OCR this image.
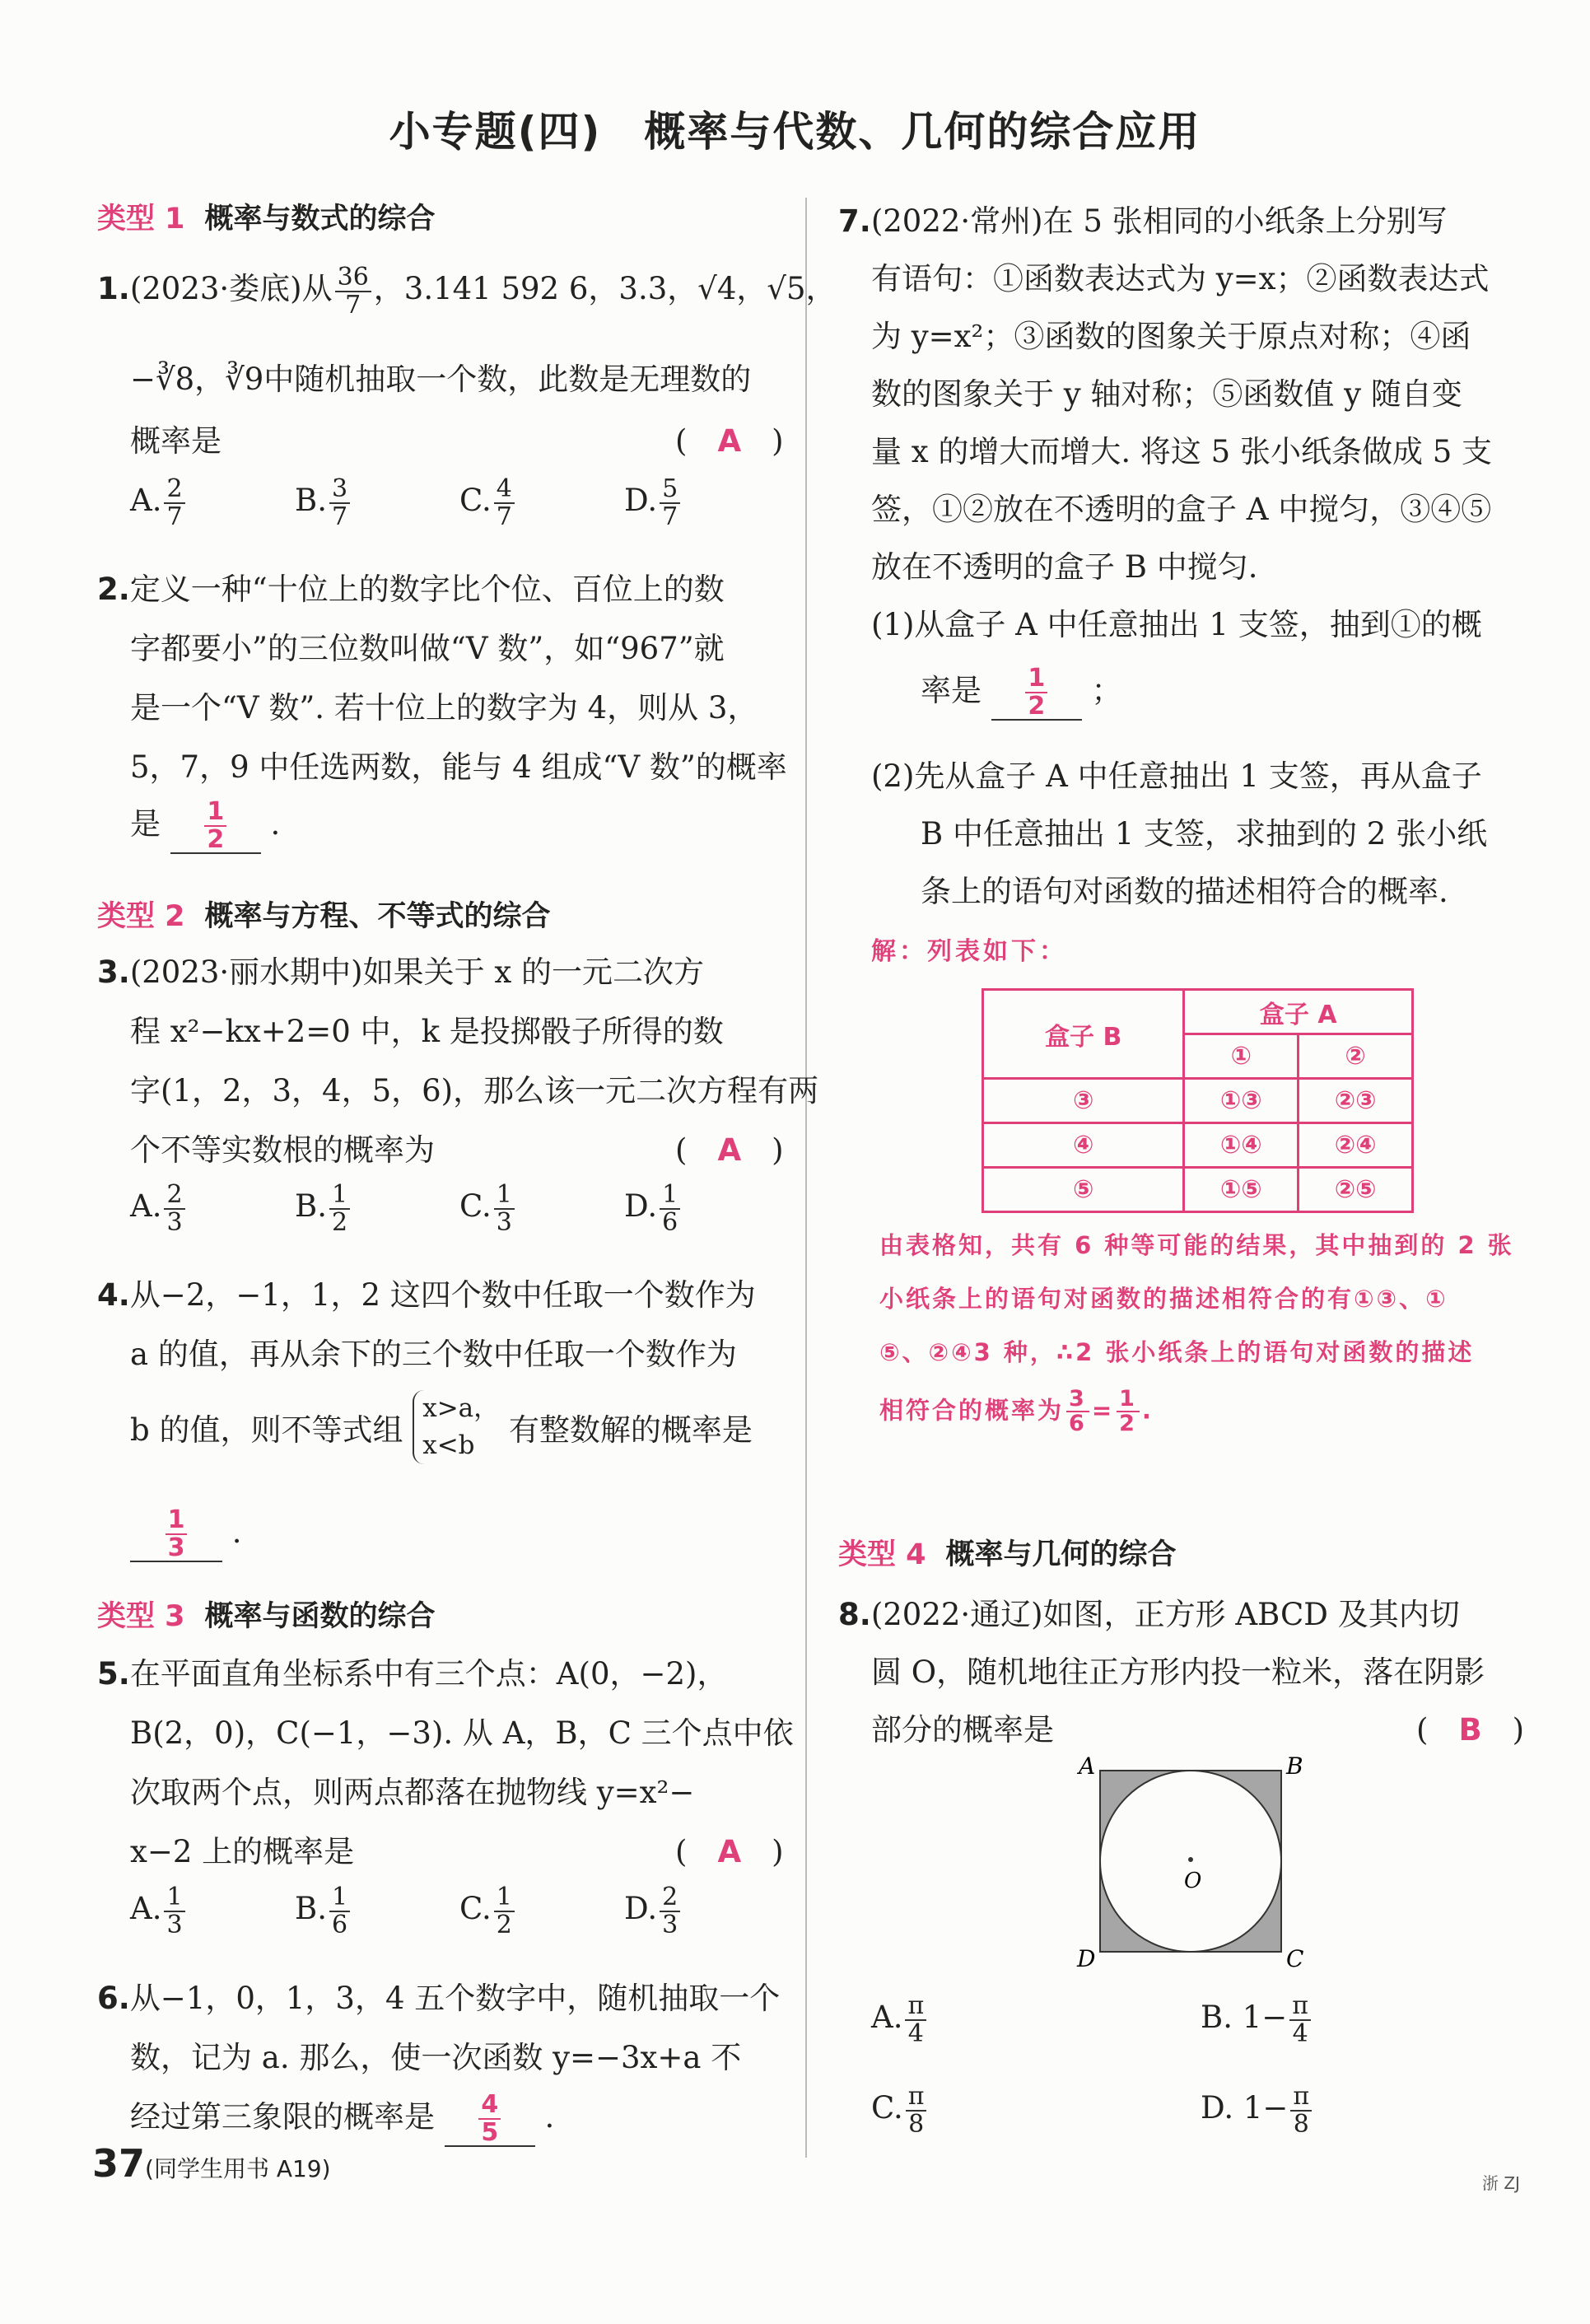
小专题(四)　概率与代数、几何的综合应用
类型 1 概率与数式的综合
1.(2023·娄底)从 $\frac{36}{7}$ ，3.141 592 6，3.3，√4，√5，
−∛8，∛9中随机抽取一个数，此数是无理数的
概率是	(　A　)
A. $\frac{2}{7}$	B. $\frac{3}{7}$	C. $\frac{4}{7}$	D. $\frac{5}{7}$
2.定义一种“十位上的数字比个位、百位上的数
字都要小”的三位数叫做“V 数”，如“967”就
是一个“V 数”. 若十位上的数字为 4，则从 3，
5，7，9 中任选两数，能与 4 组成“V 数”的概率
是 $\frac{1}{2}$ .
类型 2 概率与方程、不等式的综合
3.(2023·丽水期中)如果关于 x 的一元二次方
程 x²−kx+2=0 中，k 是投掷骰子所得的数
字(1，2，3，4，5，6)，那么该一元二次方程有两
个不等实数根的概率为	(　A　)
A. $\frac{2}{3}$	B. $\frac{1}{2}$	C. $\frac{1}{3}$	D. $\frac{1}{6}$
4.从−2，−1，1，2 这四个数中任取一个数作为
a 的值，再从余下的三个数中任取一个数作为
b 的值，则不等式组
x>a，
x<b	有整数解的概率是
$\frac{1}{3}$ .
类型 3 概率与函数的综合
5.在平面直角坐标系中有三个点：A(0，−2)，
B(2，0)，C(−1，−3). 从 A，B，C 三个点中依
次取两个点，则两点都落在抛物线 y=x²−
x−2 上的概率是	(　A　)
A. $\frac{1}{3}$	B. $\frac{1}{6}$	C. $\frac{1}{2}$	D. $\frac{2}{3}$
6.从−1，0，1，3，4 五个数字中，随机抽取一个
数，记为 a. 那么，使一次函数 y=−3x+a 不
经过第三象限的概率是 $\frac{4}{5}$ .
7.(2022·常州)在 5 张相同的小纸条上分别写
有语句：①函数表达式为 y=x；②函数表达式
为 y=x²；③函数的图象关于原点对称；④函
数的图象关于 y 轴对称；⑤函数值 y 随自变
量 x 的增大而增大. 将这 5 张小纸条做成 5 支
签，①②放在不透明的盒子 A 中搅匀，③④⑤
放在不透明的盒子 B 中搅匀.
(1)从盒子 A 中任意抽出 1 支签，抽到①的概
率是 $\frac{1}{2}$ ；
(2)先从盒子 A 中任意抽出 1 支签，再从盒子
B 中任意抽出 1 支签，求抽到的 2 张小纸
条上的语句对函数的描述相符合的概率.
解：列表如下：
盒子 B	盒子 A	
	①	②
③	①③	②③
④	①④	②④
⑤	①⑤	②⑤
由表格知，共有 6 种等可能的结果，其中抽到的 2 张
小纸条上的语句对函数的描述相符合的有①③、①
⑤、②④3 种，∴2 张小纸条上的语句对函数的描述
相符合的概率为 $\frac{3}{6} = \frac{1}{2}$ .
类型 4 概率与几何的综合
8.(2022·通辽)如图，正方形 ABCD 及其内切
圆 O，随机地往正方形内投一粒米，落在阴影
部分的概率是	(　B　)
A	B
C
D
O
A. $\frac{\pi}{4}$	B. $1- \frac{\pi}{4}$
C. $\frac{\pi}{8}$	D. $1- \frac{\pi}{8}$
37(同学生用书 A19)
浙 ZJ
